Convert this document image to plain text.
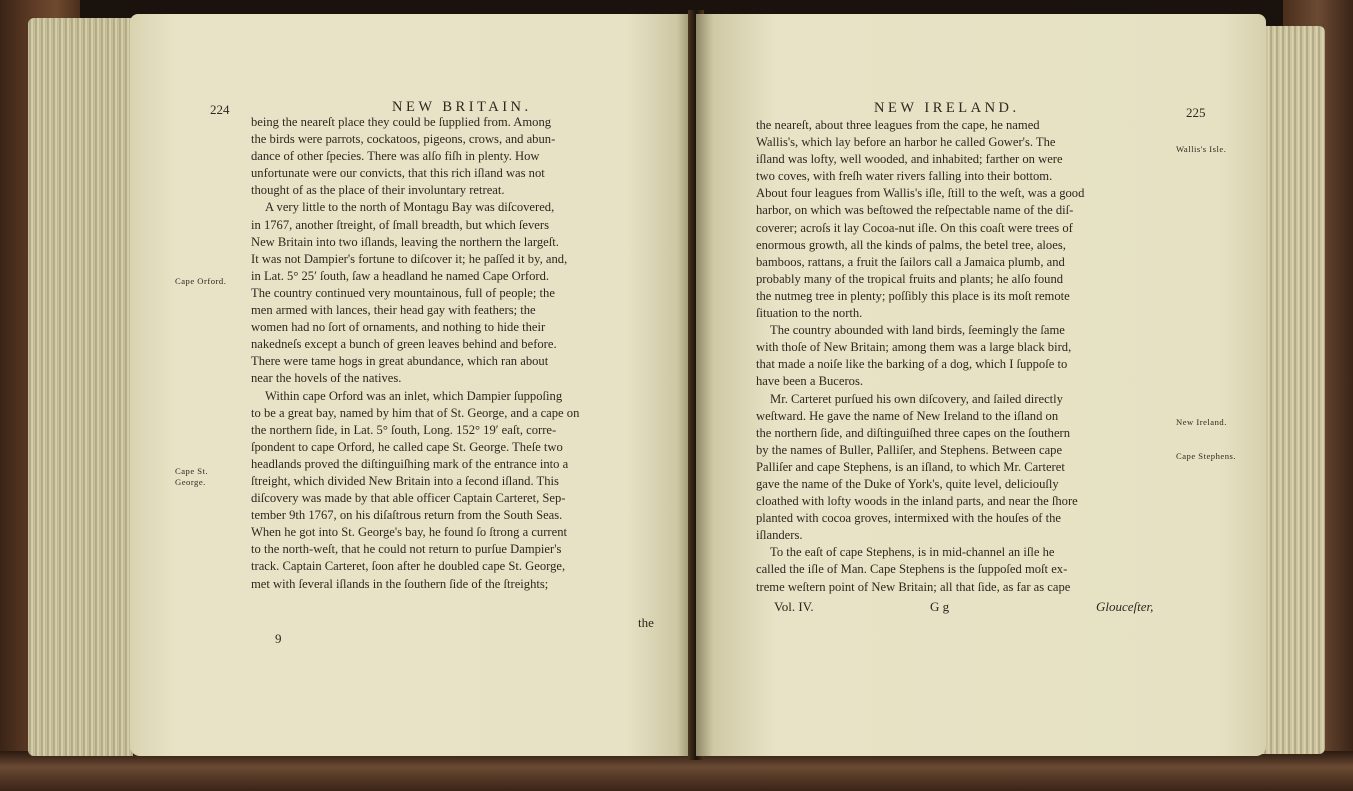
224	NEW BRITAIN.
Cape Orford.
Cape St. George.

being the neareſt place they could be ſupplied from. Among

the birds were parrots, cockatoos, pigeons, crows, and abun-

dance of other ſpecies. There was alſo fiſh in plenty. How

unfortunate were our convicts, that this rich iſland was not

thought of as the place of their involuntary retreat.

A very little to the north of Montagu Bay was diſcovered,

in 1767, another ſtreight, of ſmall breadth, but which ſevers

New Britain into two iſlands, leaving the northern the largeſt.

It was not Dampier's fortune to diſcover it; he paſſed it by, and,

in Lat. 5° 25′ ſouth, ſaw a headland he named Cape Orford.

The country continued very mountainous, full of people; the

men armed with lances, their head gay with feathers; the

women had no ſort of ornaments, and nothing to hide their

nakedneſs except a bunch of green leaves behind and before.

There were tame hogs in great abundance, which ran about

near the hovels of the natives.

Within cape Orford was an inlet, which Dampier ſuppoſing

to be a great bay, named by him that of St. George, and a cape on

the northern ſide, in Lat. 5° ſouth, Long. 152° 19′ eaſt, corre-

ſpondent to cape Orford, he called cape St. George. Theſe two

headlands proved the diſtinguiſhing mark of the entrance into a

ſtreight, which divided New Britain into a ſecond iſland. This

diſcovery was made by that able officer Captain Carteret, Sep-

tember 9th 1767, on his diſaſtrous return from the South Seas.

When he got into St. George's bay, he found ſo ſtrong a current

to the north-weſt, that he could not return to purſue Dampier's

track. Captain Carteret, ſoon after he doubled cape St. George,

met with ſeveral iſlands in the ſouthern ſide of the ſtreights;

9
the
NEW IRELAND.	225
Wallis's Isle.
New Ireland.
Cape Stephens.

the neareſt, about three leagues from the cape, he named

Wallis's, which lay before an harbor he called Gower's. The

iſland was lofty, well wooded, and inhabited; farther on were

two coves, with freſh water rivers falling into their bottom.

About four leagues from Wallis's iſle, ſtill to the weſt, was a good

harbor, on which was beſtowed the reſpectable name of the diſ-

coverer; acroſs it lay Cocoa-nut iſle. On this coaſt were trees of

enormous growth, all the kinds of palms, the betel tree, aloes,

bamboos, rattans, a fruit the ſailors call a Jamaica plumb, and

probably many of the tropical fruits and plants; he alſo found

the nutmeg tree in plenty; poſſibly this place is its moſt remote

ſituation to the north.

The country abounded with land birds, ſeemingly the ſame

with thoſe of New Britain; among them was a large black bird,

that made a noiſe like the barking of a dog, which I ſuppoſe to

have been a Buceros.

Mr. Carteret purſued his own diſcovery, and ſailed directly

weſtward. He gave the name of New Ireland to the iſland on

the northern ſide, and diſtinguiſhed three capes on the ſouthern

by the names of Buller, Palliſer, and Stephens. Between cape

Palliſer and cape Stephens, is an iſland, to which Mr. Carteret

gave the name of the Duke of York's, quite level, deliciouſly

cloathed with lofty woods in the inland parts, and near the ſhore

planted with cocoa groves, intermixed with the houſes of the

iſlanders.

To the eaſt of cape Stephens, is in mid-channel an iſle he

called the iſle of Man. Cape Stephens is the ſuppoſed moſt ex-

treme weſtern point of New Britain; all that ſide, as far as cape

Vol. IV.	G g	Glouceſter,
